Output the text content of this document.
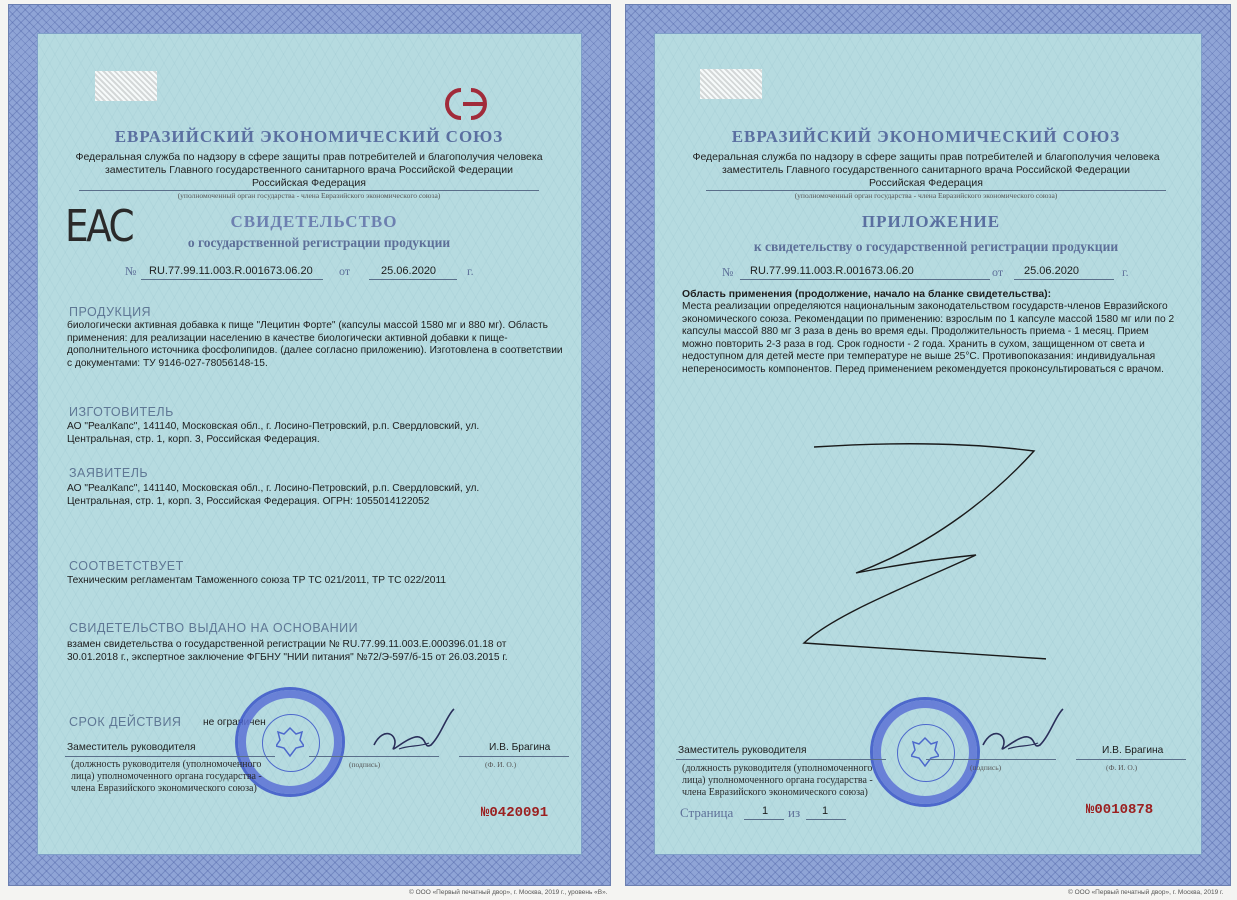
ЕВРАЗИЙСКИЙ ЭКОНОМИЧЕСКИЙ СОЮЗ
Федеральная служба по надзору в сфере защиты прав потребителей и благополучия человека
заместитель Главного государственного санитарного врача Российской Федерации
Российская Федерация
(уполномоченный орган государства - члена Евразийского экономического союза)
EAC	СВИДЕТЕЛЬСТВО
о государственной регистрации продукции
№ RU.77.99.11.003.R.001673.06.20 от	25.06.2020	г.
ПРОДУКЦИЯ
биологически активная добавка к пище "Лецитин Форте" (капсулы массой 1580 мг и 880 мг). Область применения: для реализации населению в качестве биологически активной добавки к пище- дополнительного источника фосфолипидов. (далее согласно приложению). Изготовлена в соответствии с документами: ТУ 9146-027-78056148-15.
ИЗГОТОВИТЕЛЬ
АО "РеалКапс", 141140, Московская обл., г. Лосино-Петровский, р.п. Свердловский, ул. Центральная, стр. 1, корп. 3, Российская Федерация.
ЗАЯВИТЕЛЬ
АО "РеалКапс", 141140, Московская обл., г. Лосино-Петровский, р.п. Свердловский, ул. Центральная, стр. 1, корп. 3, Российская Федерация. ОГРН: 1055014122052
СООТВЕТСТВУЕТ
Техническим регламентам Таможенного союза ТР ТС 021/2011, ТР ТС 022/2011
СВИДЕТЕЛЬСТВО ВЫДАНО НА ОСНОВАНИИ
взамен свидетельства о государственной регистрации № RU.77.99.11.003.Е.000396.01.18 от 30.01.2018 г., экспертное заключение ФГБНУ "НИИ питания" №72/Э-597/б-15 от 26.03.2015 г.
СРОК ДЕЙСТВИЯ не ограничен
Заместитель руководителя	И.В. Брагина
(должность руководителя (уполномоченного
лица) уполномоченного органа государства -
члена Евразийского экономического союза)
(подпись)	(Ф. И. О.)
№0420091
© ООО «Первый печатный двор», г. Москва, 2019 г., уровень «В».
ЕВРАЗИЙСКИЙ ЭКОНОМИЧЕСКИЙ СОЮЗ
Федеральная служба по надзору в сфере защиты прав потребителей и благополучия человека
заместитель Главного государственного санитарного врача Российской Федерации
Российская Федерация
(уполномоченный орган государства - члена Евразийского экономического союза)
ПРИЛОЖЕНИЕ
к свидетельству о государственной регистрации продукции
№ RU.77.99.11.003.R.001673.06.20	от 25.06.2020	г.
Область применения (продолжение, начало на бланке свидетельства):
Места реализации определяются национальным законодательством государств-членов Евразийского экономического союза. Рекомендации по применению: взрослым по 1 капсуле массой 1580 мг или по 2 капсулы массой 880 мг 3 раза в день во время еды. Продолжительность приема - 1 месяц. Прием можно повторить 2-3 раза в год. Срок годности - 2 года. Хранить в сухом, защищенном от света и недоступном для детей месте при температуре не выше 25°С. Противопоказания: индивидуальная непереносимость компонентов. Перед применением рекомендуется проконсультироваться с врачом.
Заместитель руководителя	И.В. Брагина
(должность руководителя (уполномоченного
лица) уполномоченного органа государства -
члена Евразийского экономического союза)
(подпись)	(Ф. И. О.)
Страница	1 из 1	№0010878
© ООО «Первый печатный двор», г. Москва, 2019 г.
